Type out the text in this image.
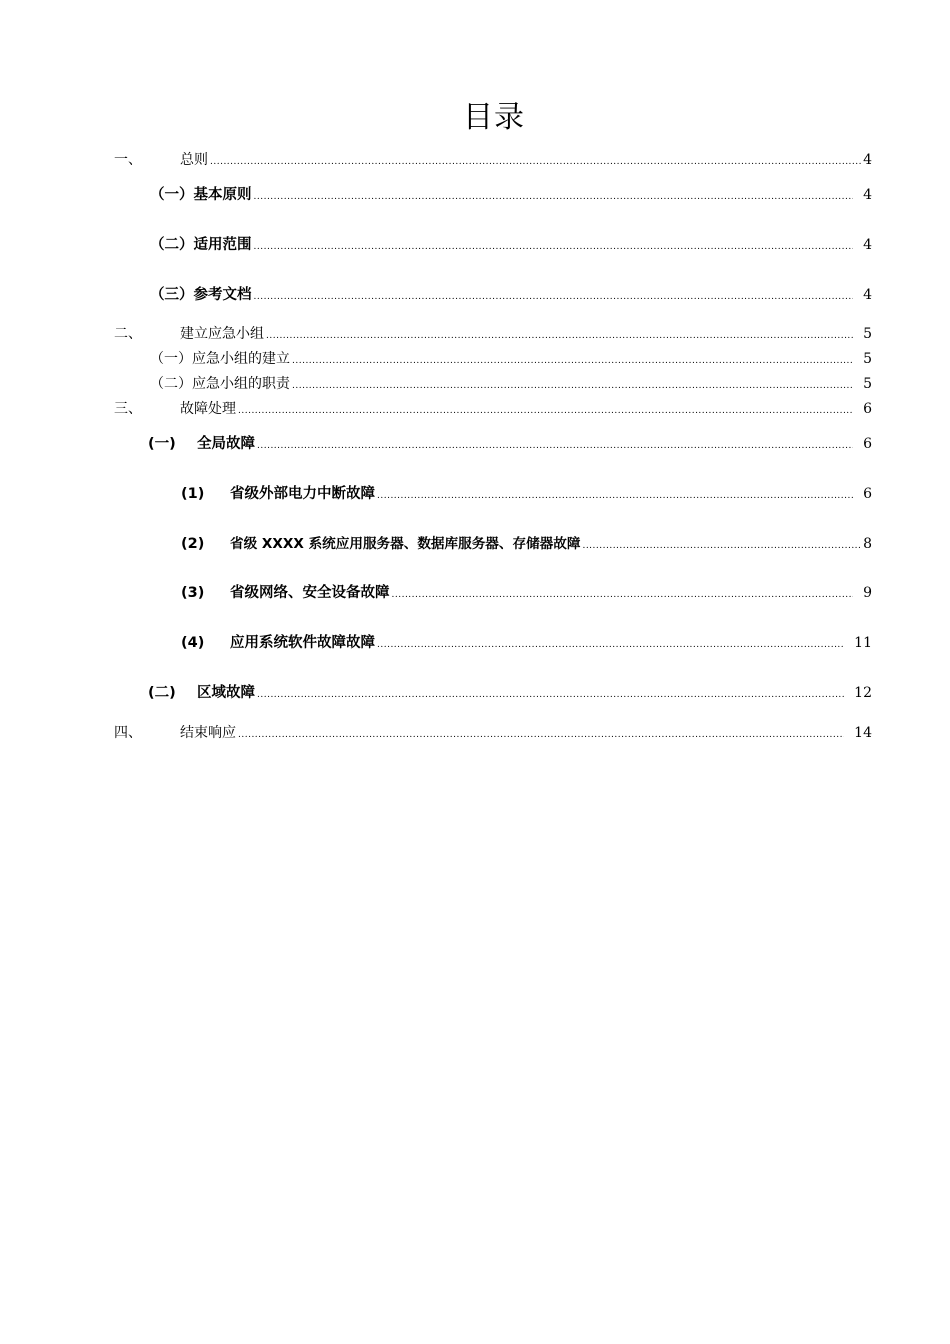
目录
一、	总则 .....	4
（一）基本原则 .....	4
（二）适用范围 .....	4
（三）参考文档 .....	4
二、	建立应急小组 .....	5
（一）应急小组的建立 .....	5
（二）应急小组的职责 .....	5
三、	故障处理 .....	6
(一)	全局故障 .....	6
(1)	省级外部电力中断故障 .....	6
(2)	省级 XXXX 系统应用服务器、数据库服务器、存储器故障 .....	8
(3)	省级网络、安全设备故障 .....	9
(4)	应用系统软件故障故障 .....	11
(二)	区域故障 .....	12
四、	结束响应 .....	14
